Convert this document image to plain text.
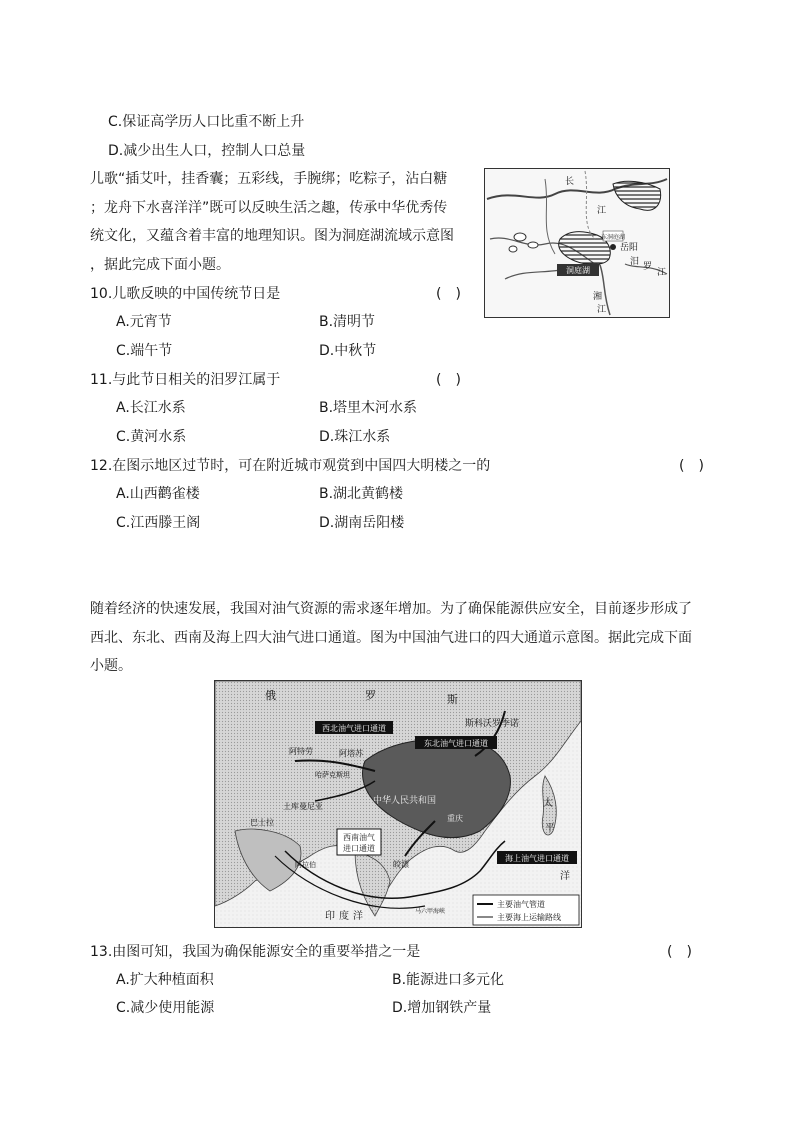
C.保证高学历人口比重不断上升
D.减少出生人口，控制人口总量
儿歌“插艾叶，挂香囊；五彩线，手腕绑；吃粽子，沾白糖
；龙舟下水喜洋洋”既可以反映生活之趣，传承中华优秀传
统文化，又蕴含着丰富的地理知识。图为洞庭湖流域示意图
，据此完成下面小题。	洞庭湖
东洞庭湖
岳阳
长
江
汨 罗
江
湘
江
10.儿歌反映的中国传统节日是	(　)
A.元宵节	B.清明节
C.端午节	D.中秋节
11.与此节日相关的汨罗江属于	(　)
A.长江水系	B.塔里木河水系
C.黄河水系	D.珠江水系
12.在图示地区过节时，可在附近城市观赏到中国四大明楼之一的	(　)
A.山西鹳雀楼	B.湖北黄鹤楼
C.江西滕王阁	D.湖南岳阳楼
随着经济的快速发展，我国对油气资源的需求逐年增加。为了确保能源供应安全，目前逐步形成了
西北、东北、西南及海上四大油气进口通道。图为中国油气进口的四大通道示意图。据此完成下面
小题。
俄	罗	斯
斯科沃罗季诺
西北油气进口通道
东北油气进口通道
西南油气
进口通道
海上油气进口通道
阿特劳	阿塔苏
哈萨克斯坦
中华人民共和国
重庆
土库曼尼亚
巴士拉
阿拉伯	皎漂
印度洋	马六甲海峡
太
平
洋
主要油气管道
主要海上运输路线
13.由图可知，我国为确保能源安全的重要举措之一是	(　)
A.扩大种植面积	B.能源进口多元化
C.减少使用能源	D.增加钢铁产量
